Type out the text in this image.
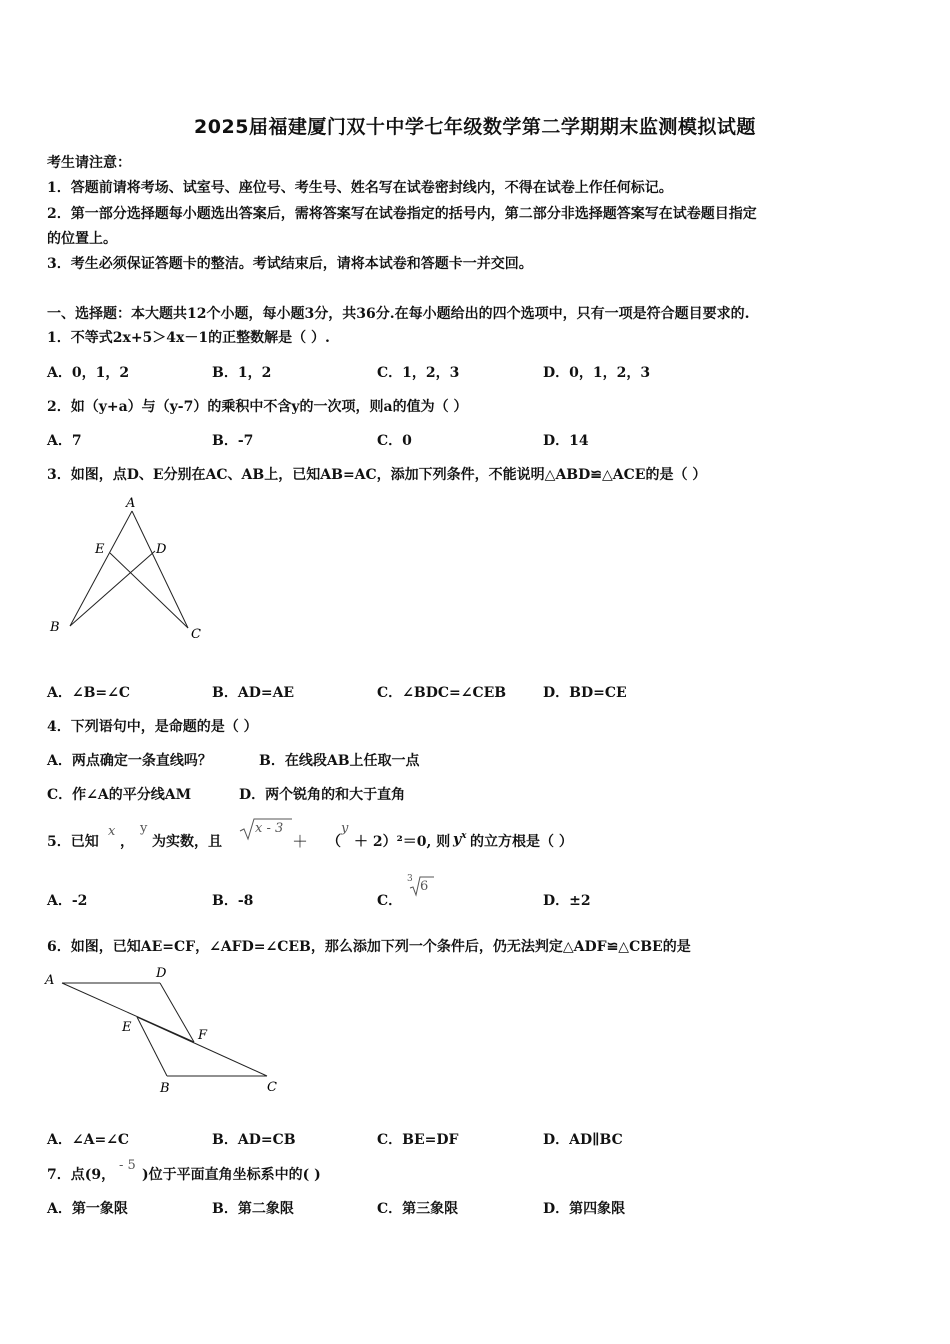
2025届福建厦门双十中学七年级数学第二学期期末监测模拟试题
考生请注意：
1．答题前请将考场、试室号、座位号、考生号、姓名写在试卷密封线内，不得在试卷上作任何标记。
2．第一部分选择题每小题选出答案后，需将答案写在试卷指定的括号内，第二部分非选择题答案写在试卷题目指定
的位置上。
3．考生必须保证答题卡的整洁。考试结束后，请将本试卷和答题卡一并交回。
一、选择题：本大题共12个小题，每小题3分，共36分.在每小题给出的四个选项中，只有一项是符合题目要求的.
1．不等式2x+5＞4x－1的正整数解是（ ）.
A．0，1，2	B．1，2	C．1，2，3	D．0，1，2，3
2．如（y+a）与（y-7）的乘积中不含y的一次项，则a的值为（ ）
A．7	B．-7	C．0	D．14
3．如图，点D、E分别在AC、AB上，已知AB=AC，添加下列条件，不能说明△ABD≌△ACE的是（ ）
A
E	D
B	C
A．∠B=∠C	B．AD=AE	C．∠BDC=∠CEB	D．BD=CE
4．下列语句中，是命题的是（ ）
A．两点确定一条直线吗？	B．在线段AB上任取一点
C．作∠A的平分线AM	D．两个锐角的和大于直角
5．已知
x
，
y
为实数，且
x - 3
＋ （
y
＋ 2）²＝0, 则 $y^x$ 的立方根是（ ）
A．-2	B．-8	C．
3 6
D．±2
6．如图，已知AE=CF，∠AFD=∠CEB，那么添加下列一个条件后，仍无法判定△ADF≌△CBE的是
A	D
E
F
B	C
A．∠A=∠C	B．AD=CB	C．BE=DF	D．AD∥BC
7．点(9，
- 5
)位于平面直角坐标系中的( )
A．第一象限	B．第二象限	C．第三象限	D．第四象限
